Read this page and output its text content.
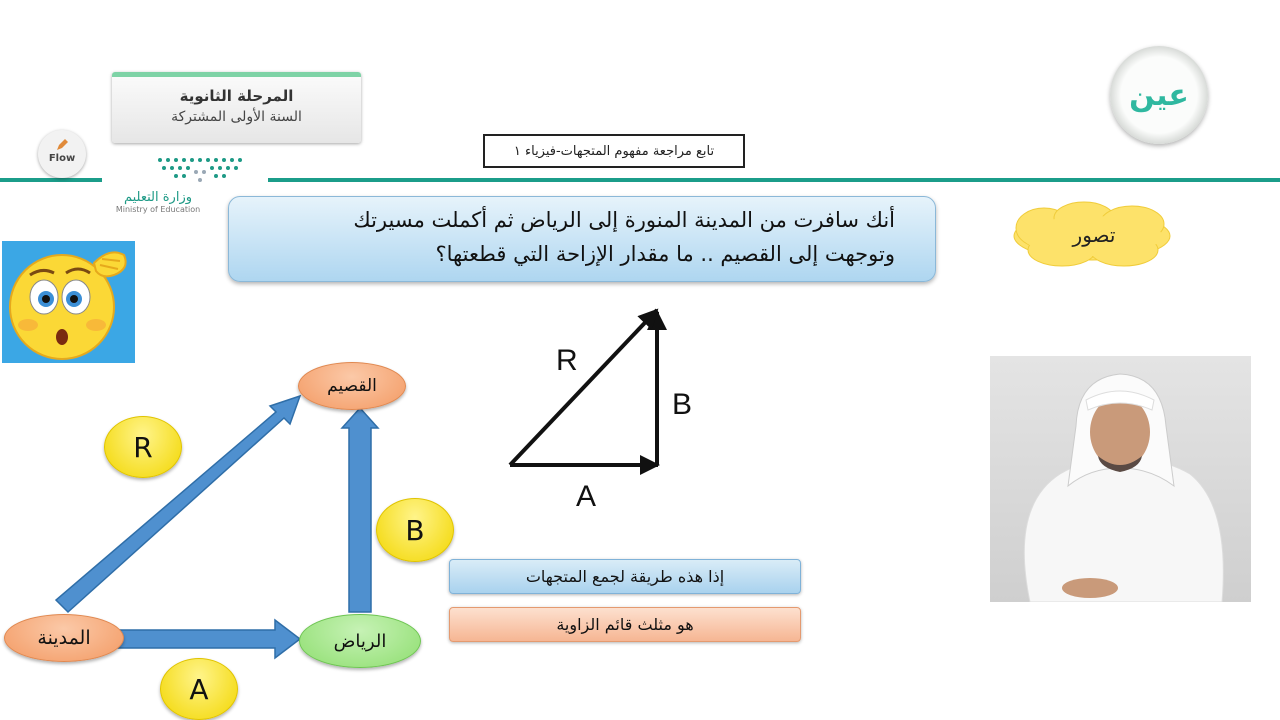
المرحلة الثانوية
السنة الأولى المشتركة
تابع مراجعة مفهوم المتجهات-فيزياء ١
Flow
وزارة التعليم
Ministry of Education
عين
أنك سافرت من المدينة المنورة إلى الرياض ثم أكملت مسيرتك
وتوجهت إلى القصيم .. ما مقدار الإزاحة التي قطعتها؟
تصور
R
B
A
القصيم
المدينة	الرياض
R
B
A
إذا هذه طريقة لجمع المتجهات
هو مثلث قائم الزاوية
